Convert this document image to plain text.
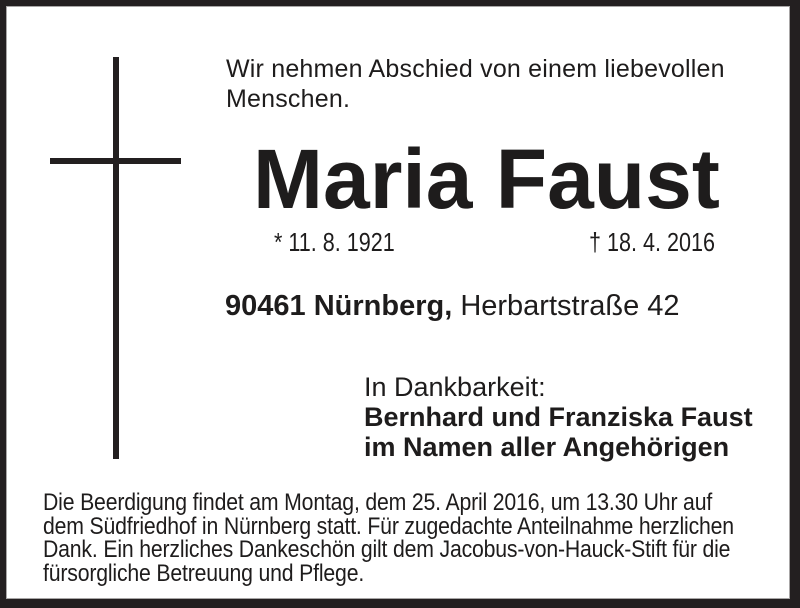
Wir nehmen Abschied von einem liebevollen
Menschen.
Maria Faust
* 11. 8. 1921	† 18. 4. 2016
90461 Nürnberg, Herbartstraße 42
In Dankbarkeit:
Bernhard und Franziska Faust
im Namen aller Angehörigen
Die Beerdigung findet am Montag, dem 25. April 2016, um 13.30 Uhr auf
dem Südfriedhof in Nürnberg statt. Für zugedachte Anteilnahme herzlichen
Dank. Ein herzliches Dankeschön gilt dem Jacobus-von-Hauck-Stift für die
fürsorgliche Betreuung und Pflege.
